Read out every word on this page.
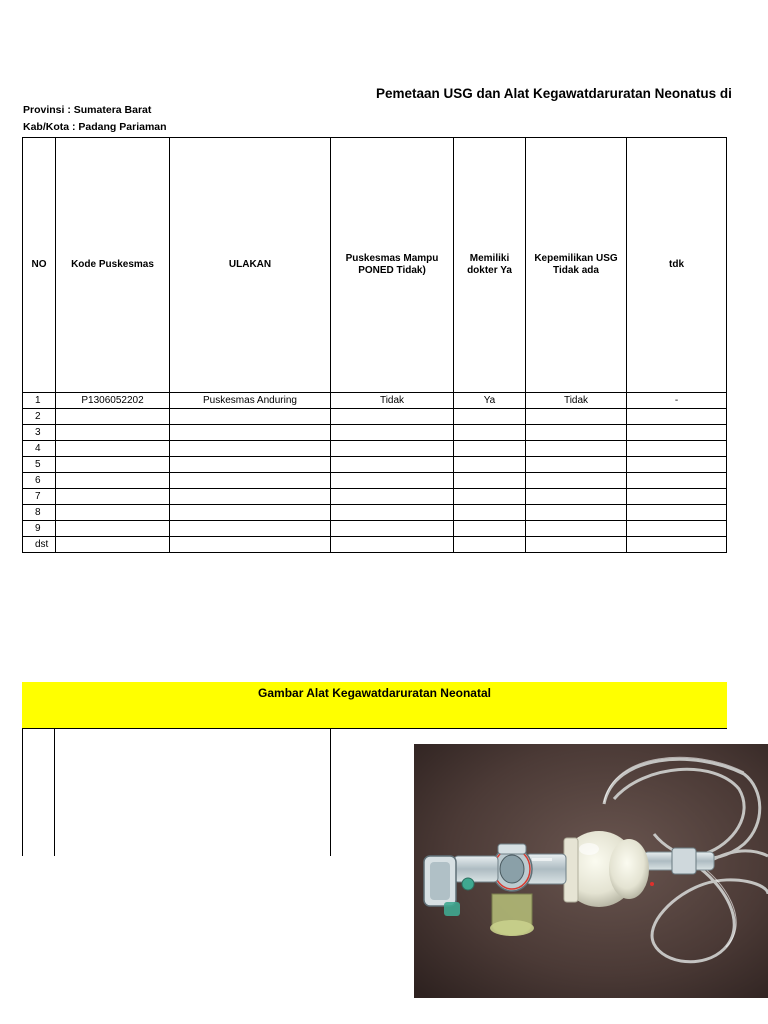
Pemetaan USG dan Alat Kegawatdaruratan Neonatus di
Provinsi : Sumatera Barat
Kab/Kota : Padang Pariaman
NO	Kode Puskesmas	ULAKAN	Puskesmas Mampu PONED Tidak)	Memiliki dokter Ya	Kepemilikan USG Tidak ada	tdk
1	P1306052202	Puskesmas Anduring	Tidak	Ya	Tidak	-
2						
3						
4						
5						
6						
7						
8						
9						
dst						
Gambar Alat Kegawatdaruratan Neonatal
